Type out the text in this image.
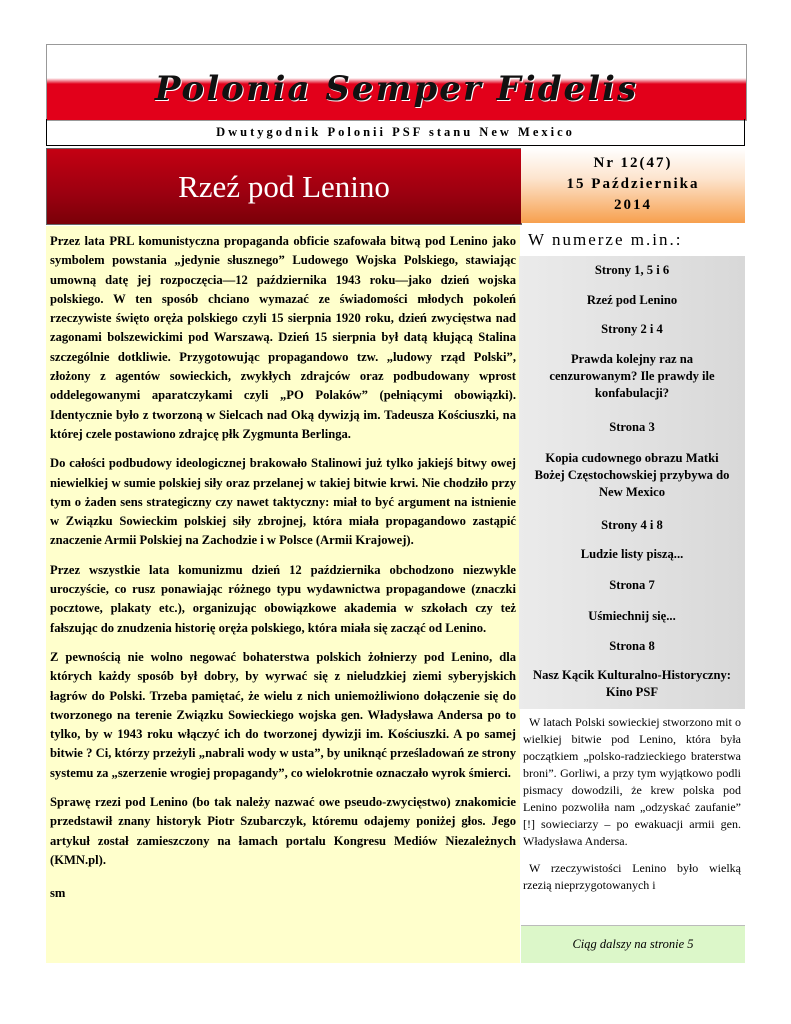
Polonia Semper Fidelis
Dwutygodnik Polonii PSF stanu New Mexico
Rzeź pod Lenino
Nr 12(47)
15 Października
2014

Przez lata PRL komunistyczna propaganda obficie szafowała bitwą pod Lenino jako symbolem powstania „jedynie słusznego” Ludowego Wojska Polskiego, stawiając umowną datę jej rozpoczęcia—12 października 1943 roku—jako dzień wojska polskiego. W ten sposób chciano wymazać ze świadomości młodych pokoleń rzeczywiste święto oręża polskiego czyli 15 sierpnia 1920 roku, dzień zwycięstwa nad zagonami bolszewickimi pod Warszawą. Dzień 15 sierpnia był datą kłującą Stalina szczególnie dotkliwie. Przygotowując propagandowo tzw. „ludowy rząd Polski”, złożony z agentów sowieckich, zwykłych zdrajców oraz podbudowany wprost oddelegowanymi aparatczykami czyli „PO Polaków” (pełniącymi obowiązki). Identycznie było z tworzoną w Sielcach nad Oką dywizją im. Tadeusza Kościuszki, na której czele postawiono zdrajcę płk Zygmunta Berlinga.

Do całości podbudowy ideologicznej brakowało Stalinowi już tylko jakiejś bitwy owej niewielkiej w sumie polskiej siły oraz przelanej w takiej bitwie krwi. Nie chodziło przy tym o żaden sens strategiczny czy nawet taktyczny: miał to być argument na istnienie w Związku Sowieckim polskiej siły zbrojnej, która miała propagandowo zastąpić znaczenie Armii Polskiej na Zachodzie i w Polsce (Armii Krajowej).

Przez wszystkie lata komunizmu dzień 12 października obchodzono niezwykle uroczyście, co rusz ponawiając różnego typu wydawnictwa propagandowe (znaczki pocztowe, plakaty etc.), organizując obowiązkowe akademia w szkołach czy też fałszując do znudzenia historię oręża polskiego, która miała się zacząć od Lenino.

Z pewnością nie wolno negować bohaterstwa polskich żołnierzy pod Lenino, dla których każdy sposób był dobry, by wyrwać się z nieludzkiej ziemi syberyjskich łagrów do Polski. Trzeba pamiętać, że wielu z nich uniemożliwiono dołączenie się do tworzonego na terenie Związku Sowieckiego wojska gen. Władysława Andersa po to tylko, by w 1943 roku włączyć ich do tworzonej dywizji im. Kościuszki. A po samej bitwie ? Ci, którzy przeżyli „nabrali wody w usta”, by uniknąć prześladowań ze strony systemu za „szerzenie wrogiej propagandy”, co wielokrotnie oznaczało wyrok śmierci.

Sprawę rzezi pod Lenino (bo tak należy nazwać owe pseudo-zwycięstwo) znakomicie przedstawił znany historyk Piotr Szubarczyk, któremu odajemy poniżej głos. Jego artykuł został zamieszczony na łamach portalu Kongresu Mediów Niezależnych (KMN.pl).

sm

W numerze m.in.:
Strony 1, 5 i 6
Rzeź pod Lenino
Strony 2 i 4
Prawda kolejny raz na cenzurowanym? Ile prawdy ile konfabulacji?
Strona 3
Kopia cudownego obrazu Matki Bożej Częstochowskiej przybywa do New Mexico
Strony 4 i 8
Ludzie listy piszą...
Strona 7
Uśmiechnij się...
Strona 8
Nasz Kącik Kulturalno-Historyczny: Kino PSF

W latach Polski sowieckiej stworzono mit o wielkiej bitwie pod Lenino, która była początkiem „polsko-radzieckiego braterstwa broni”. Gorliwi, a przy tym wyjątkowo podli pismacy dowodzili, że krew polska pod Lenino pozwoliła nam „odzyskać zaufanie” [!] sowieciarzy – po ewakuacji armii gen. Władysława Andersa.

W rzeczywistości Lenino było wielką rzezią nieprzygotowanych i

Ciąg dalszy na stronie 5
